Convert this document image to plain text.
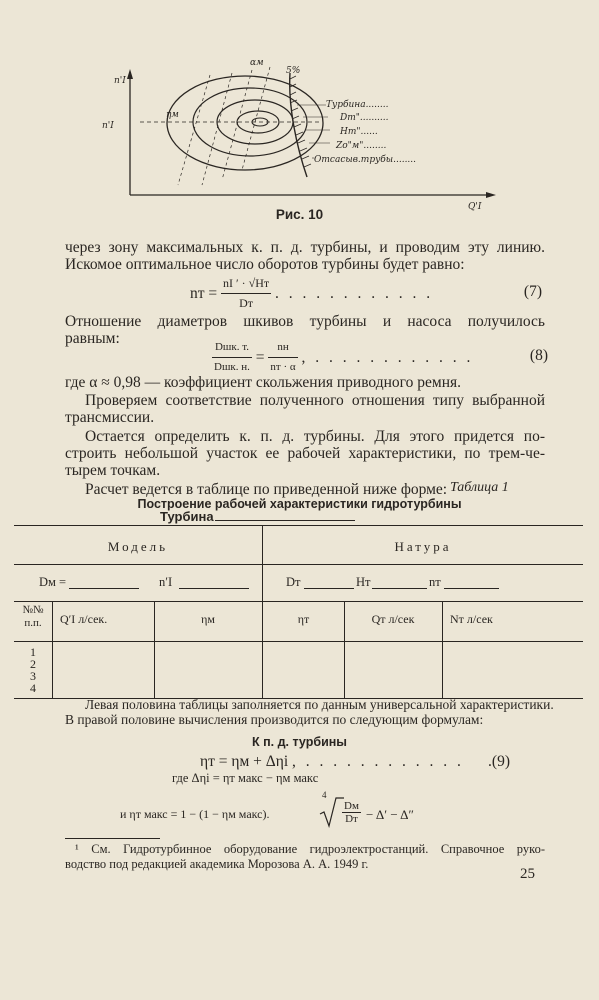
n'I
n'I
Q'I
αм
5%
ηм
Турбина........
Dт"..........
Hт"......
Zо"м"........
Отсасыв.трубы........
Рис. 10
через зону максимальных к. п. д. турбины, и проводим эту линию.
Искомое оптимальное число оборотов турбины будет равно:
nт = $\frac{nI ' \cdot √Hт}{Dт}$ . . . . . . . . . . . .	(7)
Отношение диаметров шкивов турбины и насоса получилось
равным:	$\frac{\text{Dшк. т.}}{\text{Dшк. н.}} = \frac{nн}{nт \cdot \alpha}$ , . . . . . . . . . . . .	(8)
где α ≈ 0,98 — коэффициент скольжения приводного ремня.
Проверяем соответствие полученного отношения типу выбранной
трансмиссии.
Остается определить к. п. д. турбины. Для этого придется по-
строить небольшой участок ее рабочей характеристики, по трем-че-
тырем точкам.
Расчет ведется в таблице по приведенной ниже форме: Таблица 1
Построение рабочей характеристики гидротурбины
Турбина
Модель	Натура
Dм =	n′I	Dт	Hт	nт
№№ п.п.	Q′I л/сек.	ηм	ηт	Qт л/сек	Nт л/сек
1
2
3
4
Левая половина таблицы заполняется по данным универсальной характеристики.
В правой половине вычисления производится по следующим формулам:
К п. д. турбины
ηт = ηм + Δηi , . . . . . . . . . . . . .(9)
где Δηi = ηт макс − ηм макс
и ηт макс = 1 − (1 − ηм макс).
4
Dм
Dт − Δ′ − Δ″
¹ См. Гидротурбинное оборудование гидроэлектростанций. Справочное руко-
водство под редакцией академика Морозова А. А. 1949 г.
25
